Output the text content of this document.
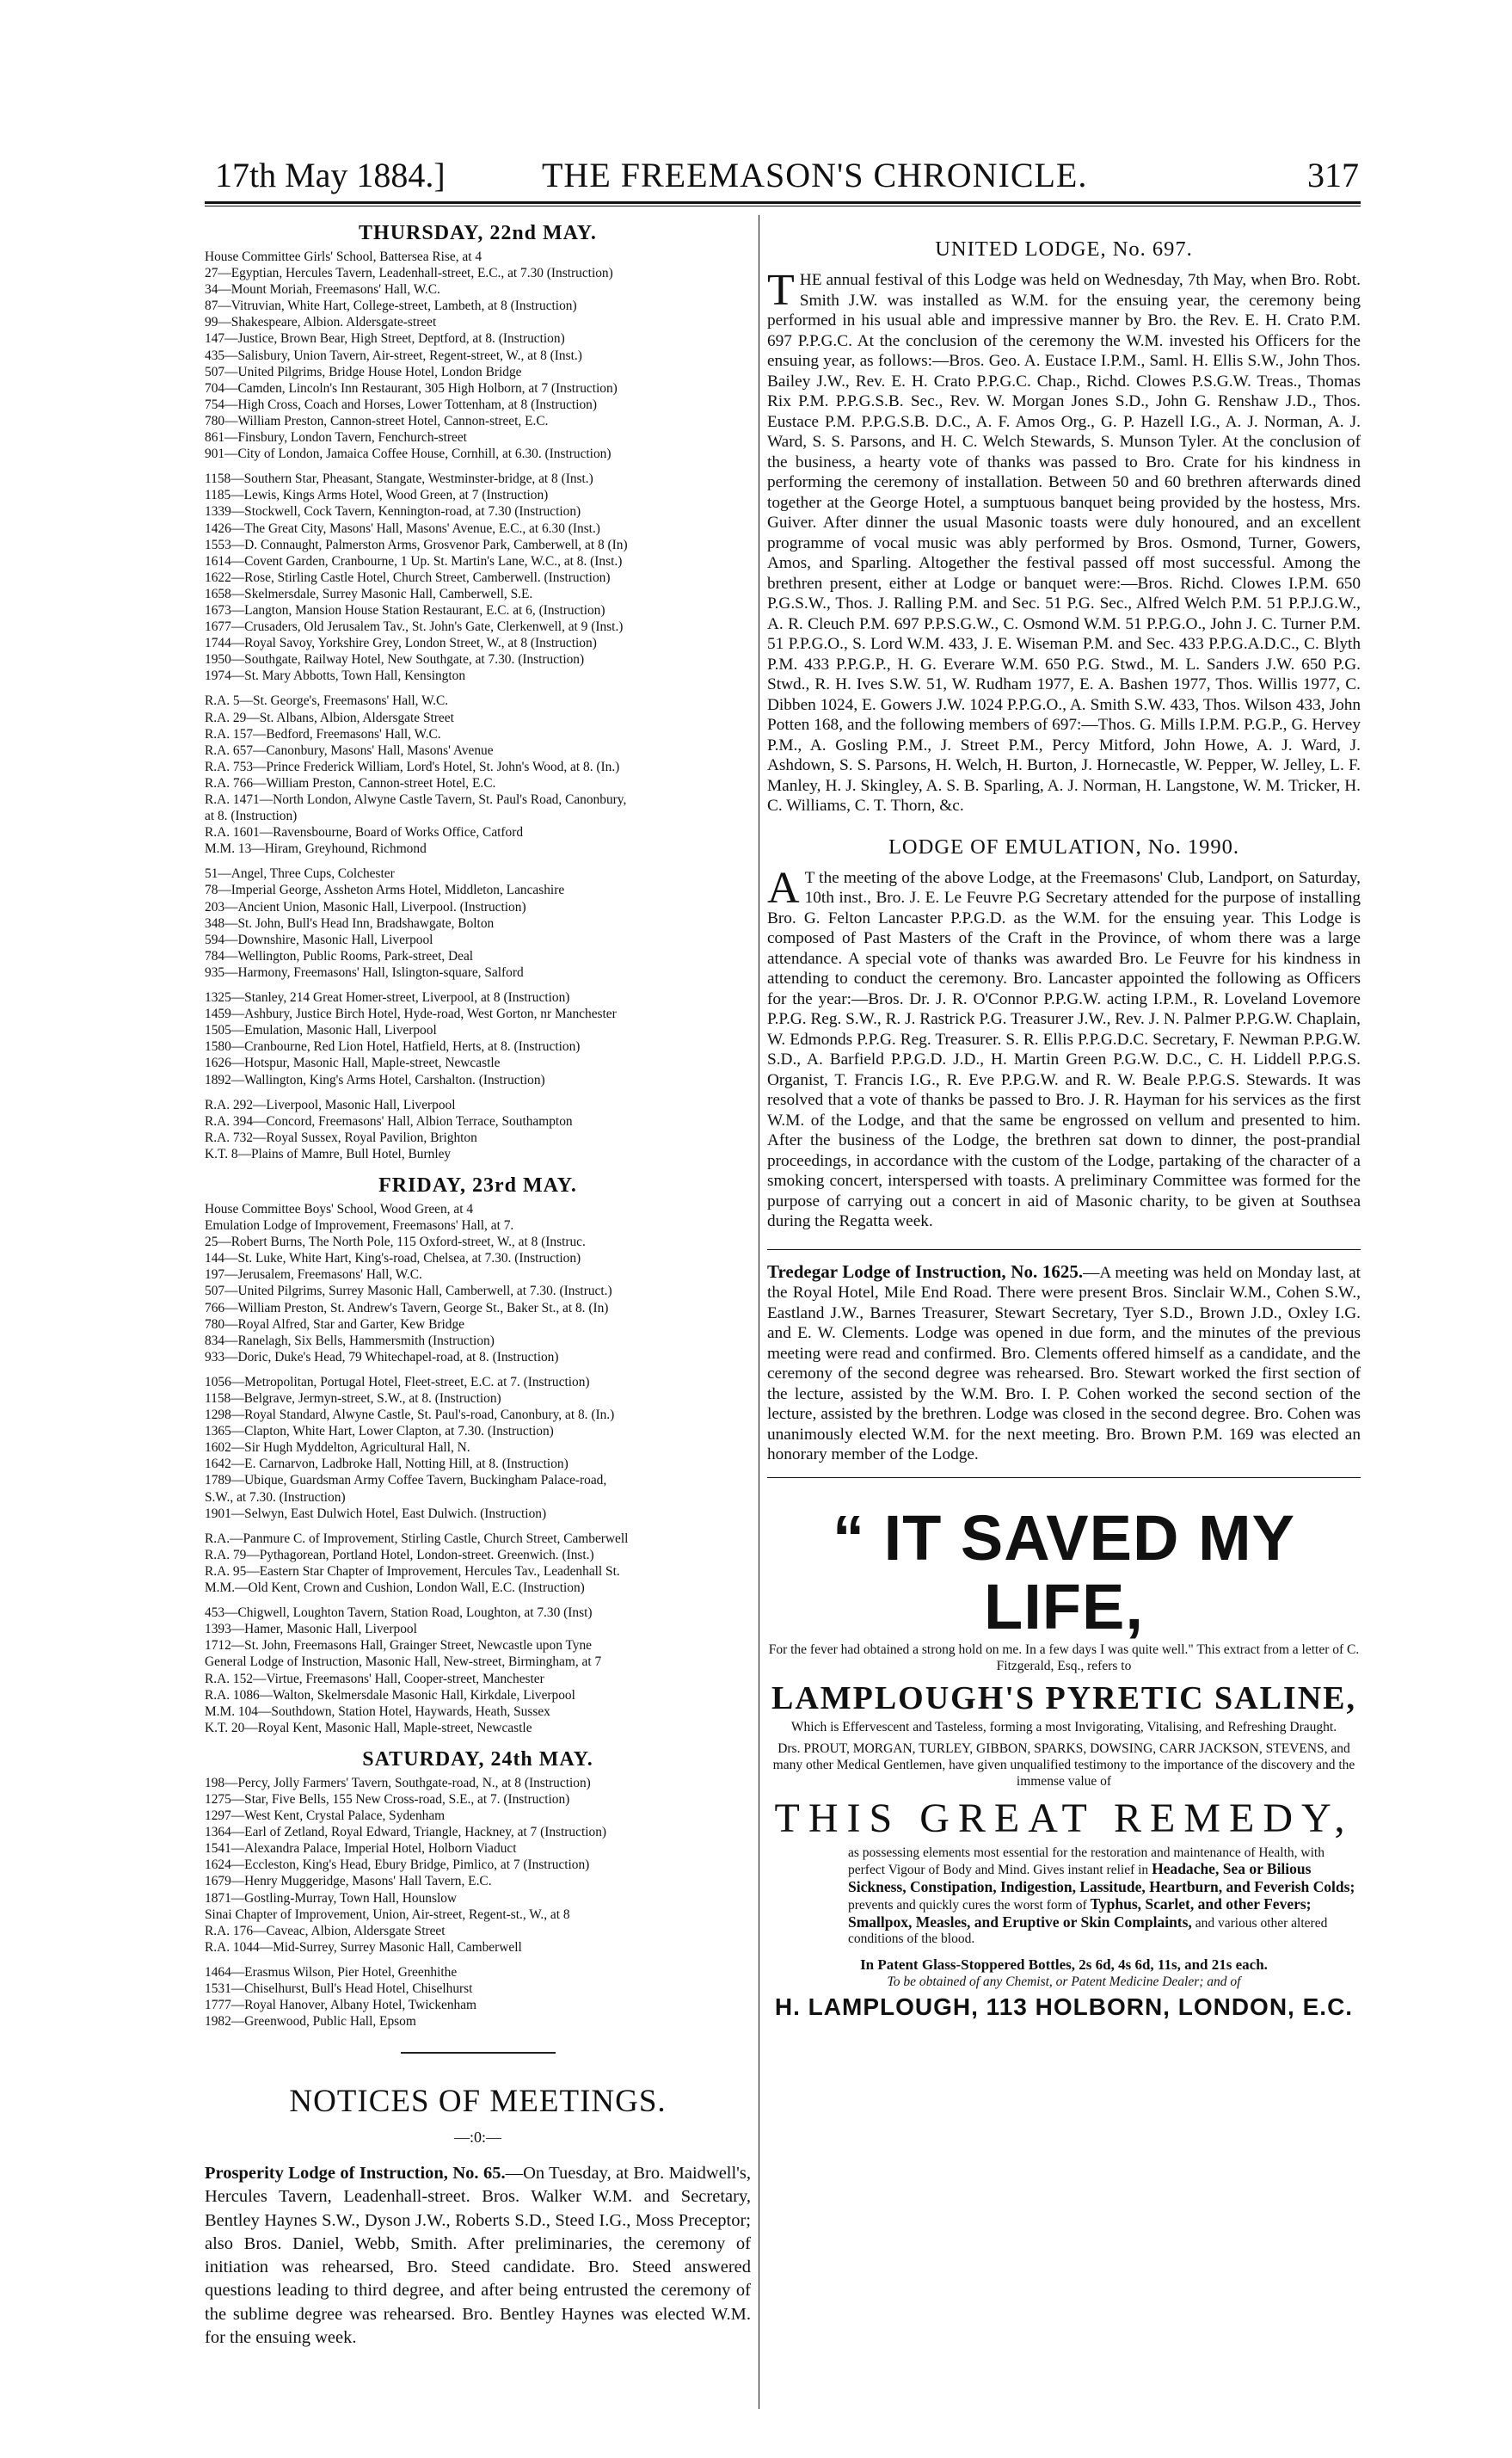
17th May 1884.]	THE FREEMASON'S CHRONICLE.	317
THURSDAY, 22nd MAY.
House Committee Girls' School, Battersea Rise, at 4
27—Egyptian, Hercules Tavern, Leadenhall-street, E.C., at 7.30 (Instruction)
34—Mount Moriah, Freemasons' Hall, W.C.
87—Vitruvian, White Hart, College-street, Lambeth, at 8 (Instruction)
99—Shakespeare, Albion. Aldersgate-street
147—Justice, Brown Bear, High Street, Deptford, at 8. (Instruction)
435—Salisbury, Union Tavern, Air-street, Regent-street, W., at 8 (Inst.)
507—United Pilgrims, Bridge House Hotel, London Bridge
704—Camden, Lincoln's Inn Restaurant, 305 High Holborn, at 7 (Instruction)
754—High Cross, Coach and Horses, Lower Tottenham, at 8 (Instruction)
780—William Preston, Cannon-street Hotel, Cannon-street, E.C.
861—Finsbury, London Tavern, Fenchurch-street
901—City of London, Jamaica Coffee House, Cornhill, at 6.30. (Instruction)
1158—Southern Star, Pheasant, Stangate, Westminster-bridge, at 8 (Inst.)
1185—Lewis, Kings Arms Hotel, Wood Green, at 7 (Instruction)
1339—Stockwell, Cock Tavern, Kennington-road, at 7.30 (Instruction)
1426—The Great City, Masons' Hall, Masons' Avenue, E.C., at 6.30 (Inst.)
1553—D. Connaught, Palmerston Arms, Grosvenor Park, Camberwell, at 8 (In)
1614—Covent Garden, Cranbourne, 1 Up. St. Martin's Lane, W.C., at 8. (Inst.)
1622—Rose, Stirling Castle Hotel, Church Street, Camberwell. (Instruction)
1658—Skelmersdale, Surrey Masonic Hall, Camberwell, S.E.
1673—Langton, Mansion House Station Restaurant, E.C. at 6, (Instruction)
1677—Crusaders, Old Jerusalem Tav., St. John's Gate, Clerkenwell, at 9 (Inst.)
1744—Royal Savoy, Yorkshire Grey, London Street, W., at 8 (Instruction)
1950—Southgate, Railway Hotel, New Southgate, at 7.30. (Instruction)
1974—St. Mary Abbotts, Town Hall, Kensington
R.A. 5—St. George's, Freemasons' Hall, W.C.
R.A. 29—St. Albans, Albion, Aldersgate Street
R.A. 157—Bedford, Freemasons' Hall, W.C.
R.A. 657—Canonbury, Masons' Hall, Masons' Avenue
R.A. 753—Prince Frederick William, Lord's Hotel, St. John's Wood, at 8. (In.)
R.A. 766—William Preston, Cannon-street Hotel, E.C.
R.A. 1471—North London, Alwyne Castle Tavern, St. Paul's Road, Canonbury,
at 8. (Instruction)
R.A. 1601—Ravensbourne, Board of Works Office, Catford
M.M. 13—Hiram, Greyhound, Richmond
51—Angel, Three Cups, Colchester
78—Imperial George, Assheton Arms Hotel, Middleton, Lancashire
203—Ancient Union, Masonic Hall, Liverpool. (Instruction)
348—St. John, Bull's Head Inn, Bradshawgate, Bolton
594—Downshire, Masonic Hall, Liverpool
784—Wellington, Public Rooms, Park-street, Deal
935—Harmony, Freemasons' Hall, Islington-square, Salford
1325—Stanley, 214 Great Homer-street, Liverpool, at 8 (Instruction)
1459—Ashbury, Justice Birch Hotel, Hyde-road, West Gorton, nr Manchester
1505—Emulation, Masonic Hall, Liverpool
1580—Cranbourne, Red Lion Hotel, Hatfield, Herts, at 8. (Instruction)
1626—Hotspur, Masonic Hall, Maple-street, Newcastle
1892—Wallington, King's Arms Hotel, Carshalton. (Instruction)
R.A. 292—Liverpool, Masonic Hall, Liverpool
R.A. 394—Concord, Freemasons' Hall, Albion Terrace, Southampton
R.A. 732—Royal Sussex, Royal Pavilion, Brighton
K.T. 8—Plains of Mamre, Bull Hotel, Burnley
FRIDAY, 23rd MAY.
House Committee Boys' School, Wood Green, at 4
Emulation Lodge of Improvement, Freemasons' Hall, at 7.
25—Robert Burns, The North Pole, 115 Oxford-street, W., at 8 (Instruc.
144—St. Luke, White Hart, King's-road, Chelsea, at 7.30. (Instruction)
197—Jerusalem, Freemasons' Hall, W.C.
507—United Pilgrims, Surrey Masonic Hall, Camberwell, at 7.30. (Instruct.)
766—William Preston, St. Andrew's Tavern, George St., Baker St., at 8. (In)
780—Royal Alfred, Star and Garter, Kew Bridge
834—Ranelagh, Six Bells, Hammersmith (Instruction)
933—Doric, Duke's Head, 79 Whitechapel-road, at 8. (Instruction)
1056—Metropolitan, Portugal Hotel, Fleet-street, E.C. at 7. (Instruction)
1158—Belgrave, Jermyn-street, S.W., at 8. (Instruction)
1298—Royal Standard, Alwyne Castle, St. Paul's-road, Canonbury, at 8. (In.)
1365—Clapton, White Hart, Lower Clapton, at 7.30. (Instruction)
1602—Sir Hugh Myddelton, Agricultural Hall, N.
1642—E. Carnarvon, Ladbroke Hall, Notting Hill, at 8. (Instruction)
1789—Ubique, Guardsman Army Coffee Tavern, Buckingham Palace-road,
S.W., at 7.30. (Instruction)
1901—Selwyn, East Dulwich Hotel, East Dulwich. (Instruction)
R.A.—Panmure C. of Improvement, Stirling Castle, Church Street, Camberwell
R.A. 79—Pythagorean, Portland Hotel, London-street. Greenwich. (Inst.)
R.A. 95—Eastern Star Chapter of Improvement, Hercules Tav., Leadenhall St.
M.M.—Old Kent, Crown and Cushion, London Wall, E.C. (Instruction)
453—Chigwell, Loughton Tavern, Station Road, Loughton, at 7.30 (Inst)
1393—Hamer, Masonic Hall, Liverpool
1712—St. John, Freemasons Hall, Grainger Street, Newcastle upon Tyne
General Lodge of Instruction, Masonic Hall, New-street, Birmingham, at 7
R.A. 152—Virtue, Freemasons' Hall, Cooper-street, Manchester
R.A. 1086—Walton, Skelmersdale Masonic Hall, Kirkdale, Liverpool
M.M. 104—Southdown, Station Hotel, Haywards, Heath, Sussex
K.T. 20—Royal Kent, Masonic Hall, Maple-street, Newcastle
SATURDAY, 24th MAY.
198—Percy, Jolly Farmers' Tavern, Southgate-road, N., at 8 (Instruction)
1275—Star, Five Bells, 155 New Cross-road, S.E., at 7. (Instruction)
1297—West Kent, Crystal Palace, Sydenham
1364—Earl of Zetland, Royal Edward, Triangle, Hackney, at 7 (Instruction)
1541—Alexandra Palace, Imperial Hotel, Holborn Viaduct
1624—Eccleston, King's Head, Ebury Bridge, Pimlico, at 7 (Instruction)
1679—Henry Muggeridge, Masons' Hall Tavern, E.C.
1871—Gostling-Murray, Town Hall, Hounslow
Sinai Chapter of Improvement, Union, Air-street, Regent-st., W., at 8
R.A. 176—Caveac, Albion, Aldersgate Street
R.A. 1044—Mid-Surrey, Surrey Masonic Hall, Camberwell
1464—Erasmus Wilson, Pier Hotel, Greenhithe
1531—Chiselhurst, Bull's Head Hotel, Chiselhurst
1777—Royal Hanover, Albany Hotel, Twickenham
1982—Greenwood, Public Hall, Epsom
NOTICES OF MEETINGS.
—:0:—
Prosperity Lodge of Instruction, No. 65.—On Tuesday, at Bro. Maidwell's, Hercules Tavern, Leadenhall-street. Bros. Walker W.M. and Secretary, Bentley Haynes S.W., Dyson J.W., Roberts S.D., Steed I.G., Moss Preceptor; also Bros. Daniel, Webb, Smith. After preliminaries, the ceremony of initiation was rehearsed, Bro. Steed candidate. Bro. Steed answered questions leading to third degree, and after being entrusted the ceremony of the sublime degree was rehearsed. Bro. Bentley Haynes was elected W.M. for the ensuing week.
UNITED LODGE, No. 697.
THE annual festival of this Lodge was held on Wednesday, 7th May, when Bro. Robt. Smith J.W. was installed as W.M. for the ensuing year, the ceremony being performed in his usual able and impressive manner by Bro. the Rev. E. H. Crato P.M. 697 P.P.G.C. At the conclusion of the ceremony the W.M. invested his Officers for the ensuing year, as follows:—Bros. Geo. A. Eustace I.P.M., Saml. H. Ellis S.W., John Thos. Bailey J.W., Rev. E. H. Crato P.P.G.C. Chap., Richd. Clowes P.S.G.W. Treas., Thomas Rix P.M. P.P.G.S.B. Sec., Rev. W. Morgan Jones S.D., John G. Renshaw J.D., Thos. Eustace P.M. P.P.G.S.B. D.C., A. F. Amos Org., G. P. Hazell I.G., A. J. Norman, A. J. Ward, S. S. Parsons, and H. C. Welch Stewards, S. Munson Tyler. At the conclusion of the business, a hearty vote of thanks was passed to Bro. Crate for his kindness in performing the ceremony of installation. Between 50 and 60 brethren afterwards dined together at the George Hotel, a sumptuous banquet being provided by the hostess, Mrs. Guiver. After dinner the usual Masonic toasts were duly honoured, and an excellent programme of vocal music was ably performed by Bros. Osmond, Turner, Gowers, Amos, and Sparling. Altogether the festival passed off most successful. Among the brethren present, either at Lodge or banquet were:—Bros. Richd. Clowes I.P.M. 650 P.G.S.W., Thos. J. Ralling P.M. and Sec. 51 P.G. Sec., Alfred Welch P.M. 51 P.P.J.G.W., A. R. Cleuch P.M. 697 P.P.S.G.W., C. Osmond W.M. 51 P.P.G.O., John J. C. Turner P.M. 51 P.P.G.O., S. Lord W.M. 433, J. E. Wiseman P.M. and Sec. 433 P.P.G.A.D.C., C. Blyth P.M. 433 P.P.G.P., H. G. Everare W.M. 650 P.G. Stwd., M. L. Sanders J.W. 650 P.G. Stwd., R. H. Ives S.W. 51, W. Rudham 1977, E. A. Bashen 1977, Thos. Willis 1977, C. Dibben 1024, E. Gowers J.W. 1024 P.P.G.O., A. Smith S.W. 433, Thos. Wilson 433, John Potten 168, and the following members of 697:—Thos. G. Mills I.P.M. P.G.P., G. Hervey P.M., A. Gosling P.M., J. Street P.M., Percy Mitford, John Howe, A. J. Ward, J. Ashdown, S. S. Parsons, H. Welch, H. Burton, J. Hornecastle, W. Pepper, W. Jelley, L. F. Manley, H. J. Skingley, A. S. B. Sparling, A. J. Norman, H. Langstone, W. M. Tricker, H. C. Williams, C. T. Thorn, &c.
LODGE OF EMULATION, No. 1990.
A T the meeting of the above Lodge, at the Freemasons' Club, Landport, on Saturday, 10th inst., Bro. J. E. Le Feuvre P.G Secretary attended for the purpose of installing Bro. G. Felton Lancaster P.P.G.D. as the W.M. for the ensuing year. This Lodge is composed of Past Masters of the Craft in the Province, of whom there was a large attendance. A special vote of thanks was awarded Bro. Le Feuvre for his kindness in attending to conduct the ceremony. Bro. Lancaster appointed the following as Officers for the year:—Bros. Dr. J. R. O'Connor P.P.G.W. acting I.P.M., R. Loveland Lovemore P.P.G. Reg. S.W., R. J. Rastrick P.G. Treasurer J.W., Rev. J. N. Palmer P.P.G.W. Chaplain, W. Edmonds P.P.G. Reg. Treasurer. S. R. Ellis P.P.G.D.C. Secretary, F. Newman P.P.G.W. S.D., A. Barfield P.P.G.D. J.D., H. Martin Green P.G.W. D.C., C. H. Liddell P.P.G.S. Organist, T. Francis I.G., R. Eve P.P.G.W. and R. W. Beale P.P.G.S. Stewards. It was resolved that a vote of thanks be passed to Bro. J. R. Hayman for his services as the first W.M. of the Lodge, and that the same be engrossed on vellum and presented to him. After the business of the Lodge, the brethren sat down to dinner, the post-prandial proceedings, in accordance with the custom of the Lodge, partaking of the character of a smoking concert, interspersed with toasts. A preliminary Committee was formed for the purpose of carrying out a concert in aid of Masonic charity, to be given at Southsea during the Regatta week.
Tredegar Lodge of Instruction, No. 1625.—A meeting was held on Monday last, at the Royal Hotel, Mile End Road. There were present Bros. Sinclair W.M., Cohen S.W., Eastland J.W., Barnes Treasurer, Stewart Secretary, Tyer S.D., Brown J.D., Oxley I.G. and E. W. Clements. Lodge was opened in due form, and the minutes of the previous meeting were read and confirmed. Bro. Clements offered himself as a candidate, and the ceremony of the second degree was rehearsed. Bro. Stewart worked the first section of the lecture, assisted by the W.M. Bro. I. P. Cohen worked the second section of the lecture, assisted by the brethren. Lodge was closed in the second degree. Bro. Cohen was unanimously elected W.M. for the next meeting. Bro. Brown P.M. 169 was elected an honorary member of the Lodge.
“ IT SAVED MY LIFE,
For the fever had obtained a strong hold on me. In a few days I was quite well." This extract from a letter of C. Fitzgerald, Esq., refers to
LAMPLOUGH'S PYRETIC SALINE,
Which is Effervescent and Tasteless, forming a most Invigorating, Vitalising, and Refreshing Draught.
Drs. PROUT, MORGAN, TURLEY, GIBBON, SPARKS, DOWSING, CARR JACKSON, STEVENS, and many other Medical Gentlemen, have given unqualified testimony to the importance of the discovery and the immense value of
THIS GREAT REMEDY,
as possessing elements most essential for the restoration and maintenance of Health, with perfect Vigour of Body and Mind. Gives instant relief in Headache, Sea or Bilious Sickness, Constipation, Indigestion, Lassitude, Heartburn, and Feverish Colds; prevents and quickly cures the worst form of Typhus, Scarlet, and other Fevers; Smallpox, Measles, and Eruptive or Skin Complaints, and various other altered conditions of the blood.
In Patent Glass-Stoppered Bottles, 2s 6d, 4s 6d, 11s, and 21s each.
To be obtained of any Chemist, or Patent Medicine Dealer; and of
H. LAMPLOUGH, 113 HOLBORN, LONDON, E.C.
